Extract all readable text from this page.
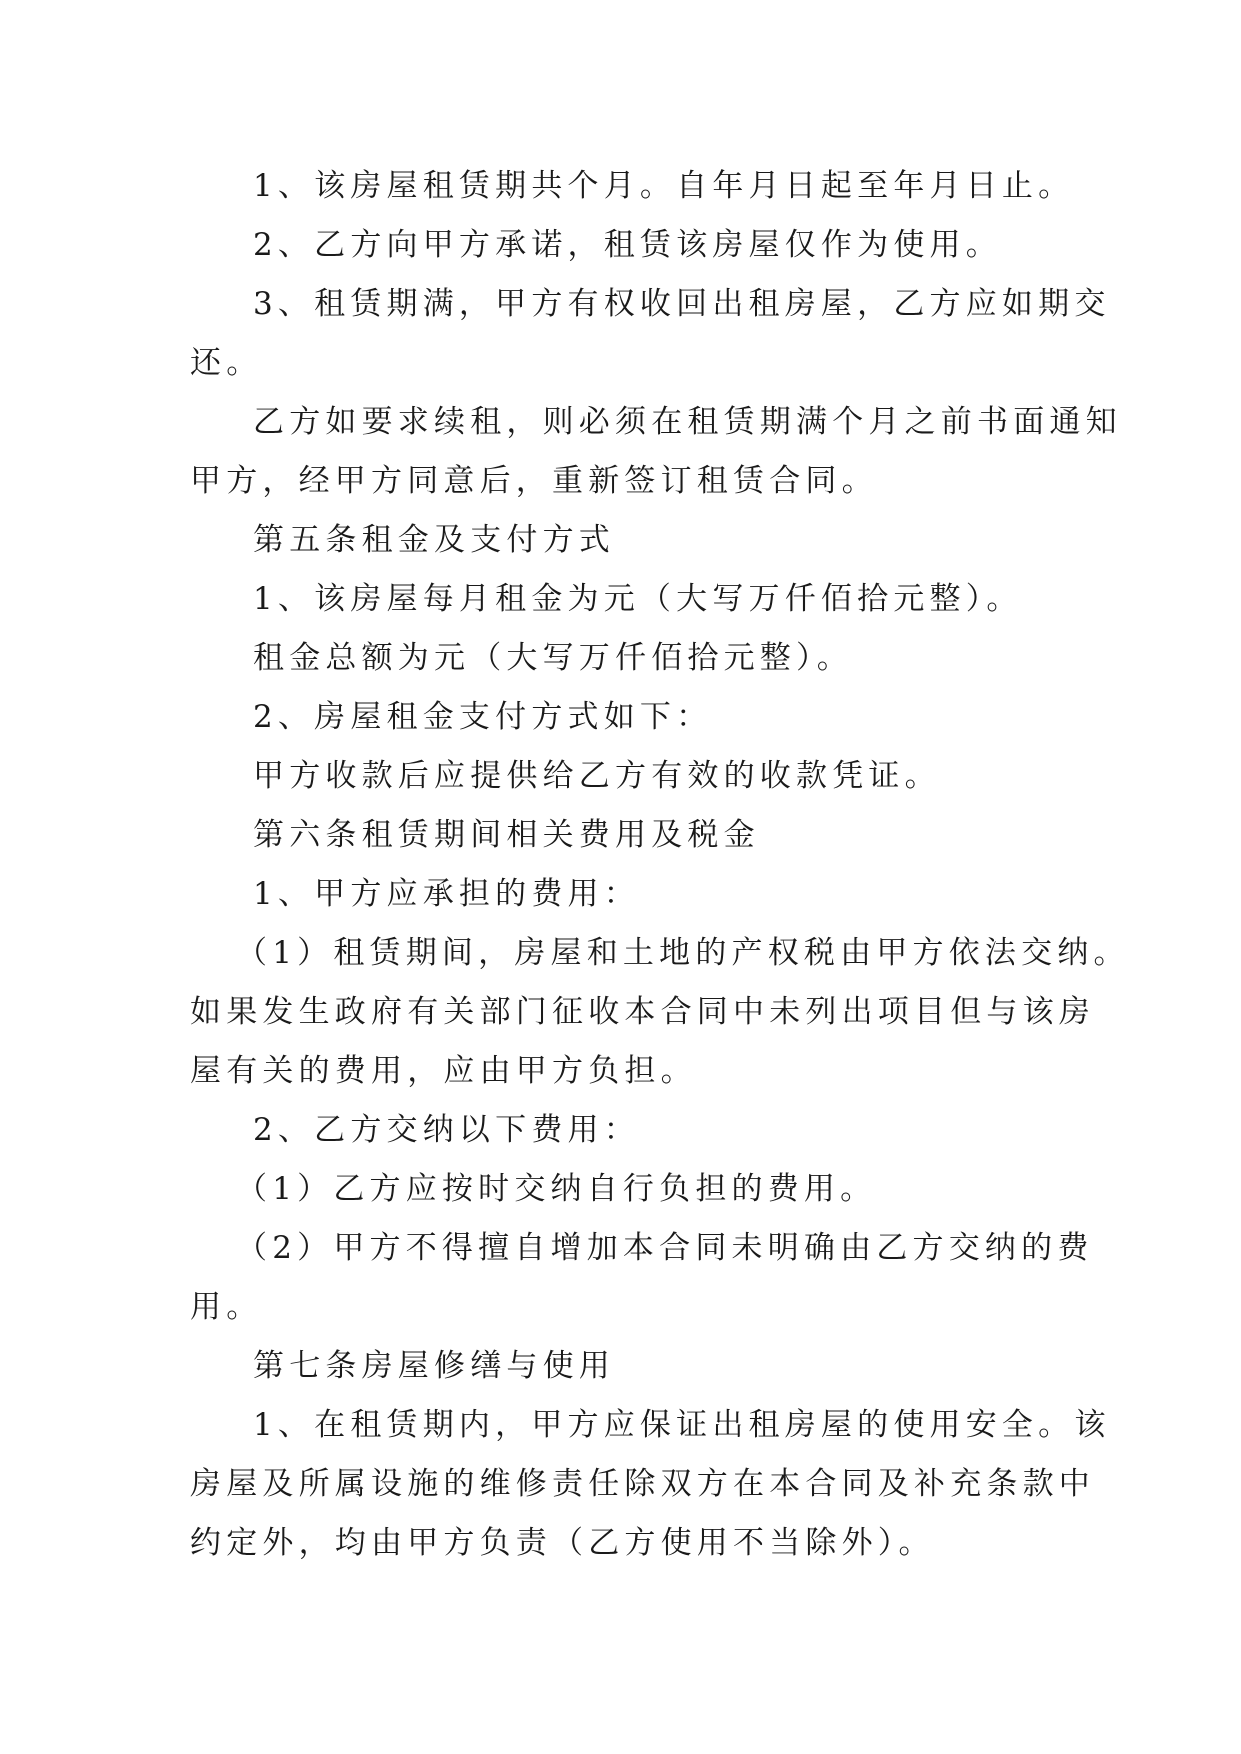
1、该房屋租赁期共个月。自年月日起至年月日止。

2、乙方向甲方承诺，租赁该房屋仅作为使用。

3、租赁期满，甲方有权收回出租房屋，乙方应如期交

还。

乙方如要求续租，则必须在租赁期满个月之前书面通知

甲方，经甲方同意后，重新签订租赁合同。

第五条租金及支付方式

1、该房屋每月租金为元（大写万仟佰拾元整）。

租金总额为元（大写万仟佰拾元整）。

2、房屋租金支付方式如下：

甲方收款后应提供给乙方有效的收款凭证。

第六条租赁期间相关费用及税金

1、甲方应承担的费用：

（1）租赁期间，房屋和土地的产权税由甲方依法交纳。

如果发生政府有关部门征收本合同中未列出项目但与该房

屋有关的费用，应由甲方负担。

2、乙方交纳以下费用：

（1）乙方应按时交纳自行负担的费用。

（2）甲方不得擅自增加本合同未明确由乙方交纳的费

用。

第七条房屋修缮与使用

1、在租赁期内，甲方应保证出租房屋的使用安全。该

房屋及所属设施的维修责任除双方在本合同及补充条款中

约定外，均由甲方负责（乙方使用不当除外）。
